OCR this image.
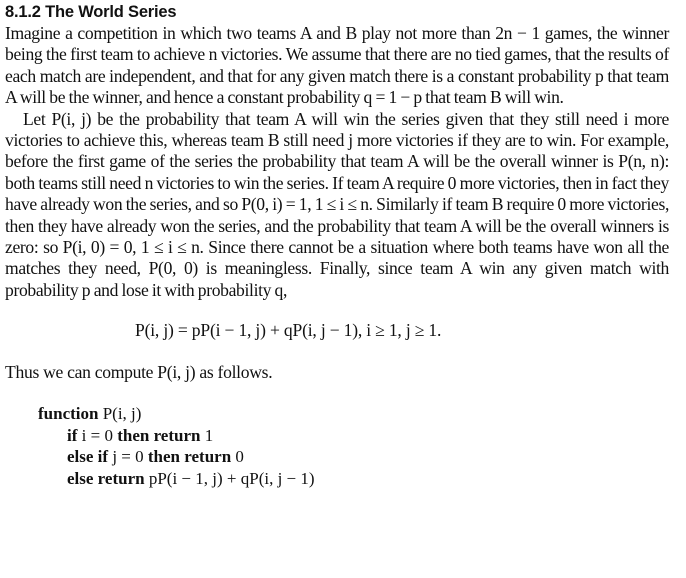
8.1.2 The World Series

Imagine a competition in which two teams A and B play not more than 2n − 1 games, the winner being the first team to achieve n victories. We assume that there are no tied games, that the results of each match are independent, and that for any given match there is a constant probability p that team A will be the winner, and hence a constant probability q = 1 − p that team B will win.

Let P(i, j) be the probability that team A will win the series given that they still need i more victories to achieve this, whereas team B still need j more victories if they are to win. For example, before the first game of the series the probability that team A will be the overall winner is P(n, n): both teams still need n victories to win the series. If team A require 0 more victories, then in fact they have already won the series, and so P(0, i) = 1, 1 ≤ i ≤ n. Similarly if team B require 0 more victories, then they have already won the series, and the probability that team A will be the overall winners is zero: so P(i, 0) = 0, 1 ≤ i ≤ n. Since there cannot be a situation where both teams have won all the matches they need, P(0, 0) is meaningless. Finally, since team A win any given match with probability p and lose it with probability q,

P(i, j) = pP(i − 1, j) + qP(i, j − 1), i ≥ 1, j ≥ 1.

Thus we can compute P(i, j) as follows.

function P(i, j)
if i = 0 then return 1
else if j = 0 then return 0
else return pP(i − 1, j) + qP(i, j − 1)
